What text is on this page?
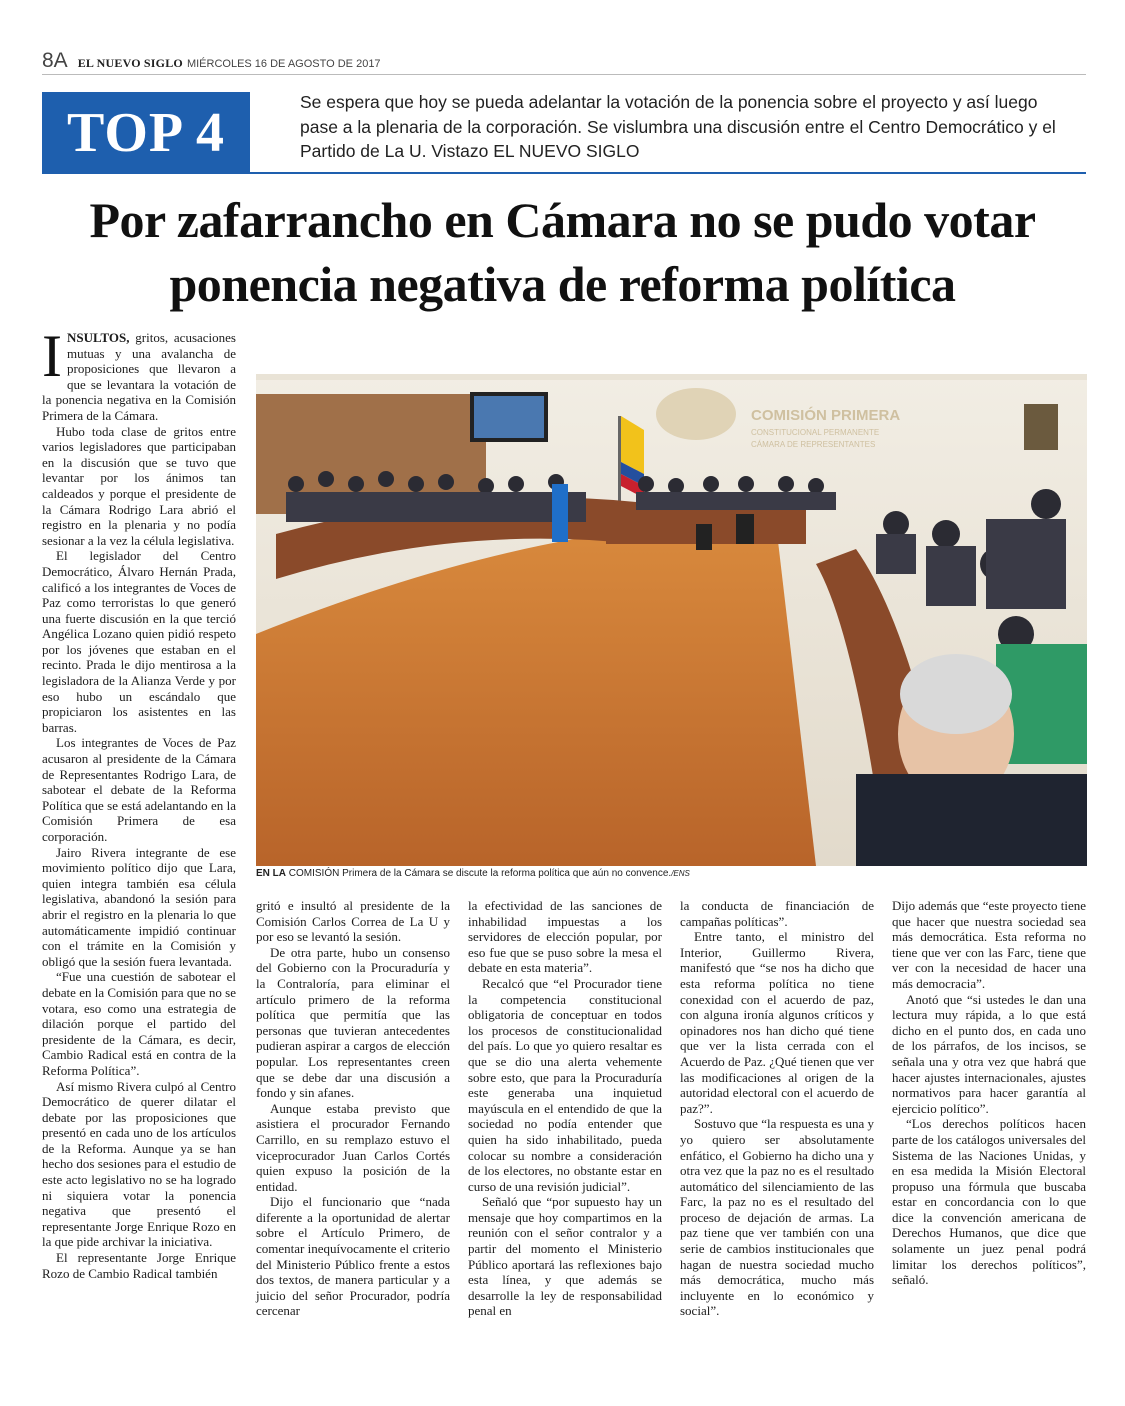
8A EL NUEVO SIGLO MIÉRCOLES 16 DE AGOSTO DE 2017
TOP 4	Se espera que hoy se pueda adelantar la votación de la ponencia sobre el proyecto y así luego pase a la plenaria de la corporación. Se vislumbra una discusión entre el Centro Democrático y el Partido de La U. Vistazo EL NUEVO SIGLO
Por zafarrancho en Cámara no se pudo votar ponencia negativa de reforma política
COMISIÓN PRIMERA
CONSTITUCIONAL PERMANENTE
CÁMARA DE REPRESENTANTES
EN LA COMISIÓN Primera de la Cámara se discute la reforma política que aún no convence./ENS

INSULTOS, gritos, acusaciones mutuas y una avalancha de proposiciones que llevaron a que se levantara la votación de la ponencia negativa en la Comisión Primera de la Cámara.

Hubo toda clase de gritos entre varios legisladores que participaban en la discusión que se tuvo que levantar por los ánimos tan caldeados y porque el presidente de la Cámara Rodrigo Lara abrió el registro en la plenaria y no podía sesionar a la vez la célula legislativa.

El legislador del Centro Democrático, Álvaro Hernán Prada, calificó a los integrantes de Voces de Paz como terroristas lo que generó una fuerte discusión en la que terció Angélica Lozano quien pidió respeto por los jóvenes que estaban en el recinto. Prada le dijo mentirosa a la legisladora de la Alianza Verde y por eso hubo un escándalo que propiciaron los asistentes en las barras.

Los integrantes de Voces de Paz acusaron al presidente de la Cámara de Representantes Rodrigo Lara, de sabotear el debate de la Reforma Política que se está adelantando en la Comisión Primera de esa corporación.

Jairo Rivera integrante de ese movimiento político dijo que Lara, quien integra también esa célula legislativa, abandonó la sesión para abrir el registro en la plenaria lo que automáticamente impidió continuar con el trámite en la Comisión y obligó que la sesión fuera levantada.

“Fue una cuestión de sabotear el debate en la Comisión para que no se votara, eso como una estrategia de dilación porque el partido del presidente de la Cámara, es decir, Cambio Radical está en contra de la Reforma Política”.

Así mismo Rivera culpó al Centro Democrático de querer dilatar el debate por las proposiciones que presentó en cada uno de los artículos de la Reforma. Aunque ya se han hecho dos sesiones para el estudio de este acto legislativo no se ha logrado ni siquiera votar la ponencia negativa que presentó el representante Jorge Enrique Rozo en la que pide archivar la iniciativa.

El representante Jorge Enrique Rozo de Cambio Radical también

gritó e insultó al presidente de la Comisión Carlos Correa de La U y por eso se levantó la sesión.

De otra parte, hubo un consenso del Gobierno con la Procuraduría y la Contraloría, para eliminar el artículo primero de la reforma política que permitía que las personas que tuvieran antecedentes pudieran aspirar a cargos de elección popular. Los representantes creen que se debe dar una discusión a fondo y sin afanes.

Aunque estaba previsto que asistiera el procurador Fernando Carrillo, en su remplazo estuvo el viceprocurador Juan Carlos Cortés quien expuso la posición de la entidad.

Dijo el funcionario que “nada diferente a la oportunidad de alertar sobre el Artículo Primero, de comentar inequívocamente el criterio del Ministerio Público frente a estos dos textos, de manera particular y a juicio del señor Procurador, podría cercenar

la efectividad de las sanciones de inhabilidad impuestas a los servidores de elección popular, por eso fue que se puso sobre la mesa el debate en esta materia”.

Recalcó que “el Procurador tiene la competencia constitucional obligatoria de conceptuar en todos los procesos de constitucionalidad del país. Lo que yo quiero resaltar es que se dio una alerta vehemente sobre esto, que para la Procuraduría este generaba una inquietud mayúscula en el entendido de que la sociedad no podía entender que quien ha sido inhabilitado, pueda colocar su nombre a consideración de los electores, no obstante estar en curso de una revisión judicial”.

Señaló que “por supuesto hay un mensaje que hoy compartimos en la reunión con el señor contralor y a partir del momento el Ministerio Público aportará las reflexiones bajo esta línea, y que además se desarrolle la ley de responsabilidad penal en

la conducta de financiación de campañas políticas”.

Entre tanto, el ministro del Interior, Guillermo Rivera, manifestó que “se nos ha dicho que esta reforma política no tiene conexidad con el acuerdo de paz, con alguna ironía algunos críticos y opinadores nos han dicho qué tiene que ver la lista cerrada con el Acuerdo de Paz. ¿Qué tienen que ver las modificaciones al origen de la autoridad electoral con el acuerdo de paz?”.

Sostuvo que “la respuesta es una y yo quiero ser absolutamente enfático, el Gobierno ha dicho una y otra vez que la paz no es el resultado automático del silenciamiento de las Farc, la paz no es el resultado del proceso de dejación de armas. La paz tiene que ver también con una serie de cambios institucionales que hagan de nuestra sociedad mucho más democrática, mucho más incluyente en lo económico y social”.

Dijo además que “este proyecto tiene que hacer que nuestra sociedad sea más democrática. Esta reforma no tiene que ver con las Farc, tiene que ver con la necesidad de hacer una más democracia”.

Anotó que “si ustedes le dan una lectura muy rápida, a lo que está dicho en el punto dos, en cada uno de los párrafos, de los incisos, se señala una y otra vez que habrá que hacer ajustes internacionales, ajustes normativos para hacer garantía al ejercicio político”.

“Los derechos políticos hacen parte de los catálogos universales del Sistema de las Naciones Unidas, y en esa medida la Misión Electoral propuso una fórmula que buscaba estar en concordancia con lo que dice la convención americana de Derechos Humanos, que dice que solamente un juez penal podrá limitar los derechos políticos”, señaló.
